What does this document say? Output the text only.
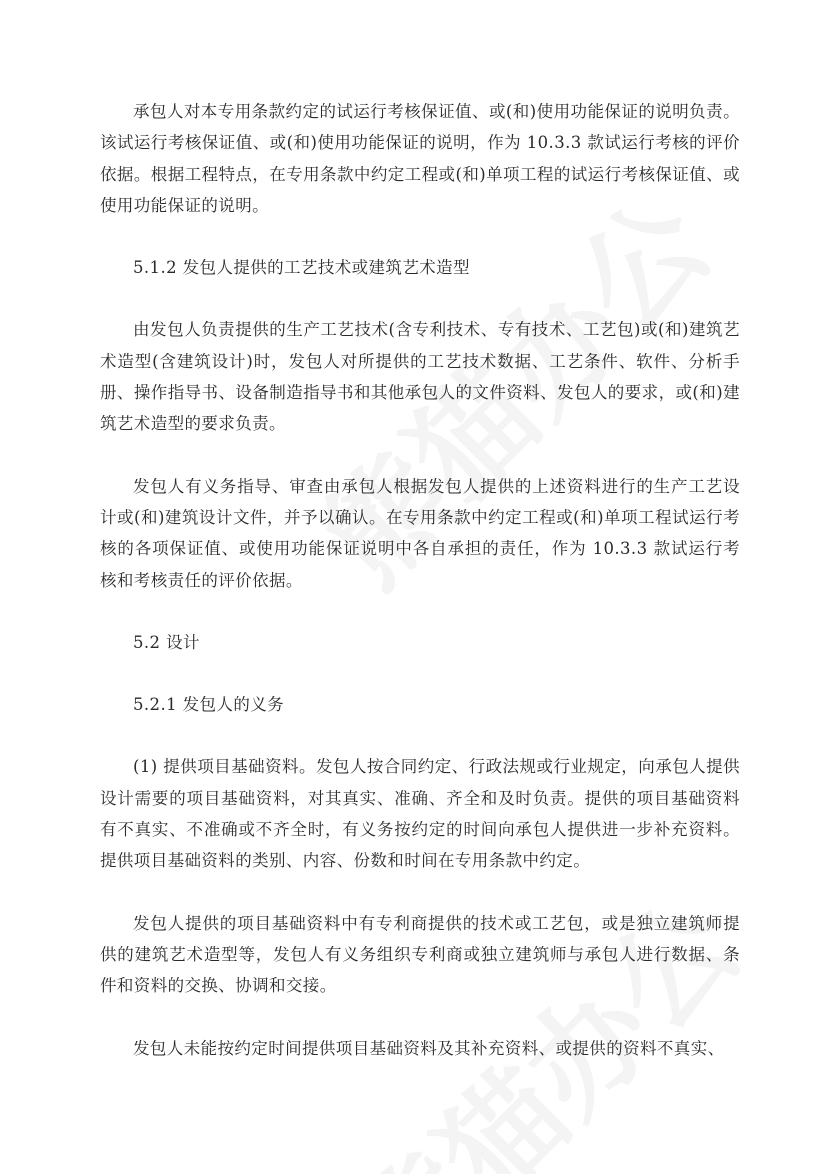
承包人对本专用条款约定的试运行考核保证值、或(和)使用功能保证的说明负责。该试运行考核保证值、或(和)使用功能保证的说明，作为 10.3.3 款试运行考核的评价依据。根据工程特点，在专用条款中约定工程或(和)单项工程的试运行考核保证值、或使用功能保证的说明。

5.1.2 发包人提供的工艺技术或建筑艺术造型

由发包人负责提供的生产工艺技术(含专利技术、专有技术、工艺包)或(和)建筑艺术造型(含建筑设计)时，发包人对所提供的工艺技术数据、工艺条件、软件、分析手册、操作指导书、设备制造指导书和其他承包人的文件资料、发包人的要求，或(和)建筑艺术造型的要求负责。

发包人有义务指导、审查由承包人根据发包人提供的上述资料进行的生产工艺设计或(和)建筑设计文件，并予以确认。在专用条款中约定工程或(和)单项工程试运行考核的各项保证值、或使用功能保证说明中各自承担的责任，作为 10.3.3 款试运行考核和考核责任的评价依据。

5.2 设计

5.2.1 发包人的义务

(1) 提供项目基础资料。发包人按合同约定、行政法规或行业规定，向承包人提供设计需要的项目基础资料，对其真实、准确、齐全和及时负责。提供的项目基础资料有不真实、不准确或不齐全时，有义务按约定的时间向承包人提供进一步补充资料。提供项目基础资料的类别、内容、份数和时间在专用条款中约定。

发包人提供的项目基础资料中有专利商提供的技术或工艺包，或是独立建筑师提供的建筑艺术造型等，发包人有义务组织专利商或独立建筑师与承包人进行数据、条件和资料的交换、协调和交接。

发包人未能按约定时间提供项目基础资料及其补充资料、或提供的资料不真实、
